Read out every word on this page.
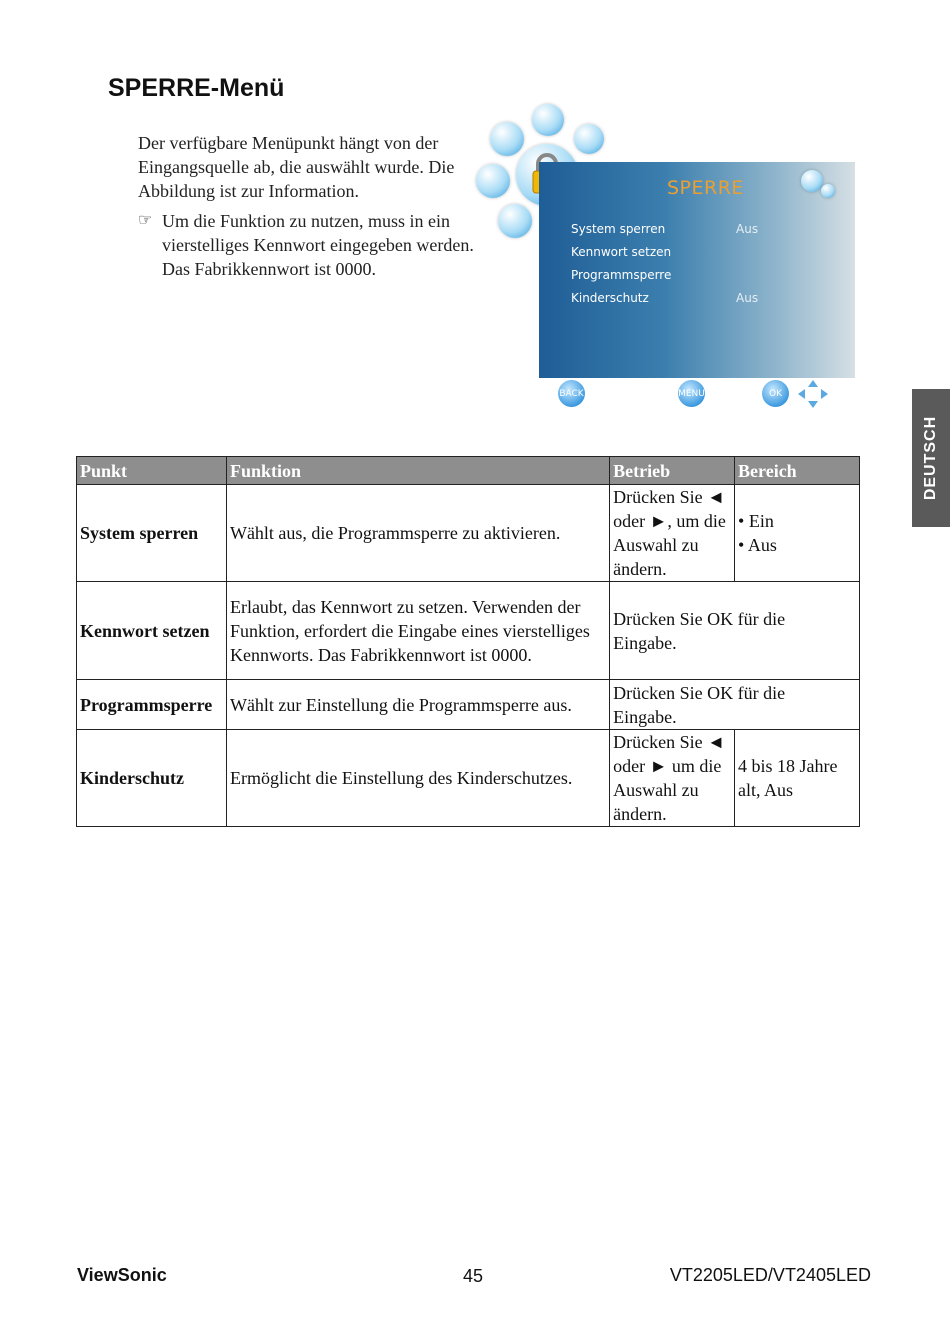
SPERRE-Menü

Der verfügbare Menüpunkt hängt von der Eingangsquelle ab, die auswählt wurde. Die Abbildung ist zur Information.

☞ Um die Funktion zu nutzen, muss in ein vierstelliges Kennwort eingegeben werden. Das Fabrikkennwort ist 0000.
SPERRE
System sperren	Aus
Kennwort setzen
Programmsperre
Kinderschutz	Aus
BACK	MENU	OK
DEUTSCH
Punkt	Funktion	Betrieb	Bereich
System sperren	Wählt aus, die Programmsperre zu aktivieren.	Drücken Sie ◄ oder ►, um die Auswahl zu ändern.	• Ein
• Aus

Kennwort setzen	Erlaubt, das Kennwort zu setzen. Verwenden der Funktion, erfordert die Eingabe eines vierstelliges Kennworts. Das Fabrikkennwort ist 0000.	Drücken Sie OK für die Eingabe.	

Programmsperre	Wählt zur Einstellung die Programmsperre aus.	Drücken Sie OK für die Eingabe.	

Kinderschutz	Ermöglicht die Einstellung des Kinderschutzes.	Drücken Sie ◄ oder ► um die Auswahl zu ändern.	4 bis 18 Jahre alt, Aus
ViewSonic	45	VT2205LED/VT2405LED
